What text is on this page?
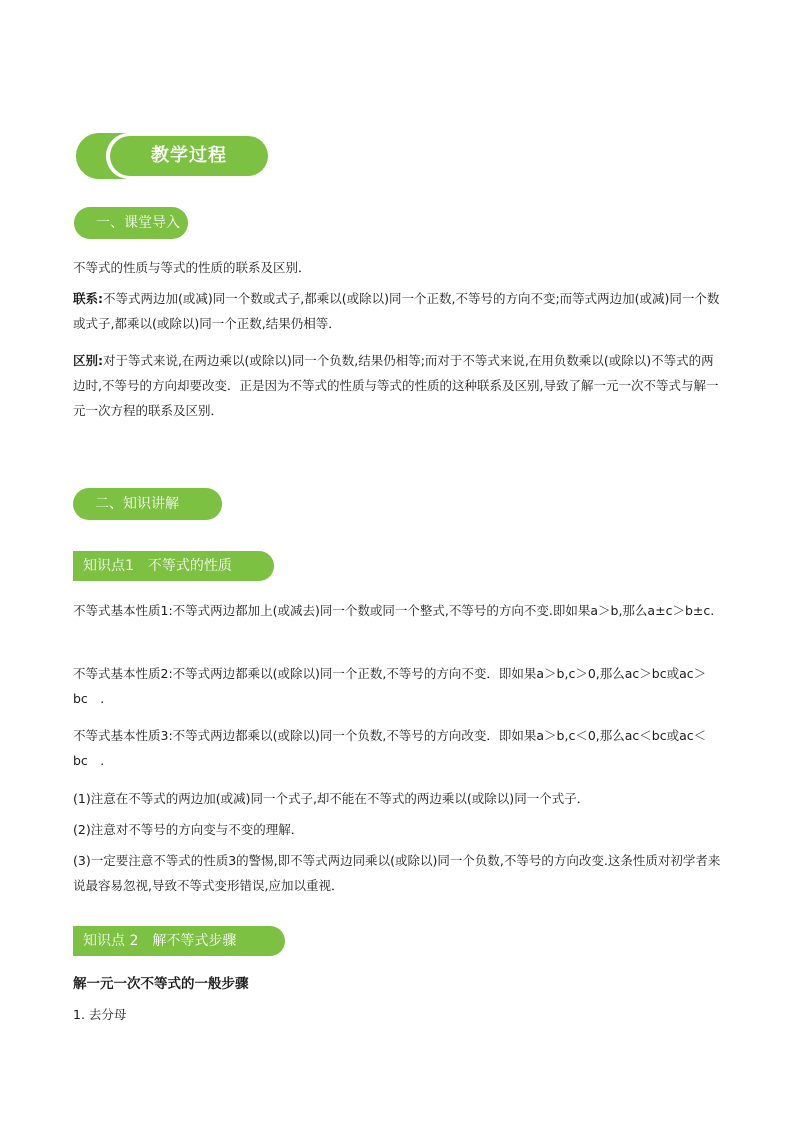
教学过程
一、课堂导入

不等式的性质与等式的性质的联系及区别．

联系:不等式两边加(或减)同一个数或式子,都乘以(或除以)同一个正数,不等号的方向不变;而等式两边加(或减)同一个数或式子,都乘以(或除以)同一个正数,结果仍相等．

区别:对于等式来说,在两边乘以(或除以)同一个负数,结果仍相等;而对于不等式来说,在用负数乘以(或除以)不等式的两边时,不等号的方向却要改变．正是因为不等式的性质与等式的性质的这种联系及区别,导致了解一元一次不等式与解一元一次方程的联系及区别．

二、知识讲解
知识点1　不等式的性质

不等式基本性质1:不等式两边都加上(或减去)同一个数或同一个整式,不等号的方向不变.即如果a＞b,那么a±c＞b±c.

不等式基本性质2:不等式两边都乘以(或除以)同一个正数,不等号的方向不变．即如果a＞b,c＞0,那么ac＞bc或ac＞bc　.

不等式基本性质3:不等式两边都乘以(或除以)同一个负数,不等号的方向改变．即如果a＞b,c＜0,那么ac＜bc或ac＜bc　.

(1)注意在不等式的两边加(或减)同一个式子,却不能在不等式的两边乘以(或除以)同一个式子．

(2)注意对不等号的方向变与不变的理解．

(3)一定要注意不等式的性质3的警惕,即不等式两边同乘以(或除以)同一个负数,不等号的方向改变.这条性质对初学者来说最容易忽视,导致不等式变形错误,应加以重视．

知识点 2　解不等式步骤
解一元一次不等式的一般步骤
1. 去分母
